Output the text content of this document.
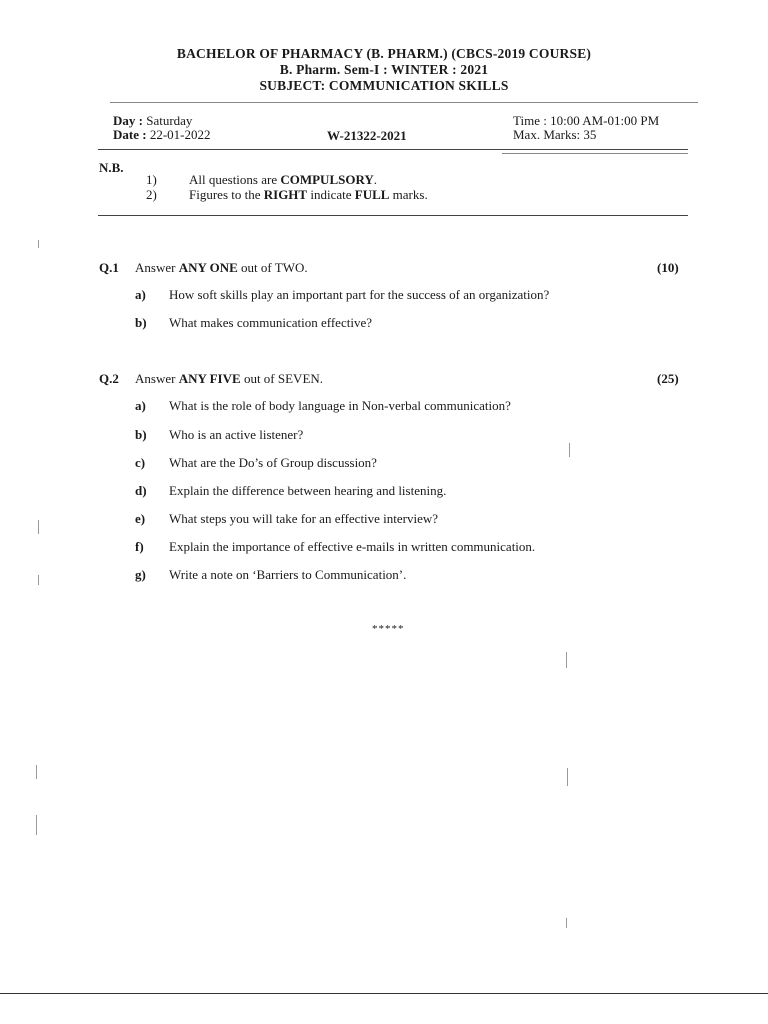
BACHELOR OF PHARMACY (B. PHARM.) (CBCS-2019 COURSE)
B. Pharm. Sem-I : WINTER : 2021
SUBJECT: COMMUNICATION SKILLS
Day : Saturday
Date : 22-01-2022	W-21322-2021
Time : 10:00 AM-01:00 PM
Max. Marks: 35
N.B.
1) All questions are COMPULSORY.
2) Figures to the RIGHT indicate FULL marks.
Q.1 Answer ANY ONE out of TWO.	(10)
a) How soft skills play an important part for the success of an organization?
b) What makes communication effective?
Q.2 Answer ANY FIVE out of SEVEN.	(25)
a) What is the role of body language in Non-verbal communication?
b) Who is an active listener?
c) What are the Do’s of Group discussion?
d) Explain the difference between hearing and listening.
e) What steps you will take for an effective interview?
f) Explain the importance of effective e-mails in written communication.
g) Write a note on ‘Barriers to Communication’.
*****
